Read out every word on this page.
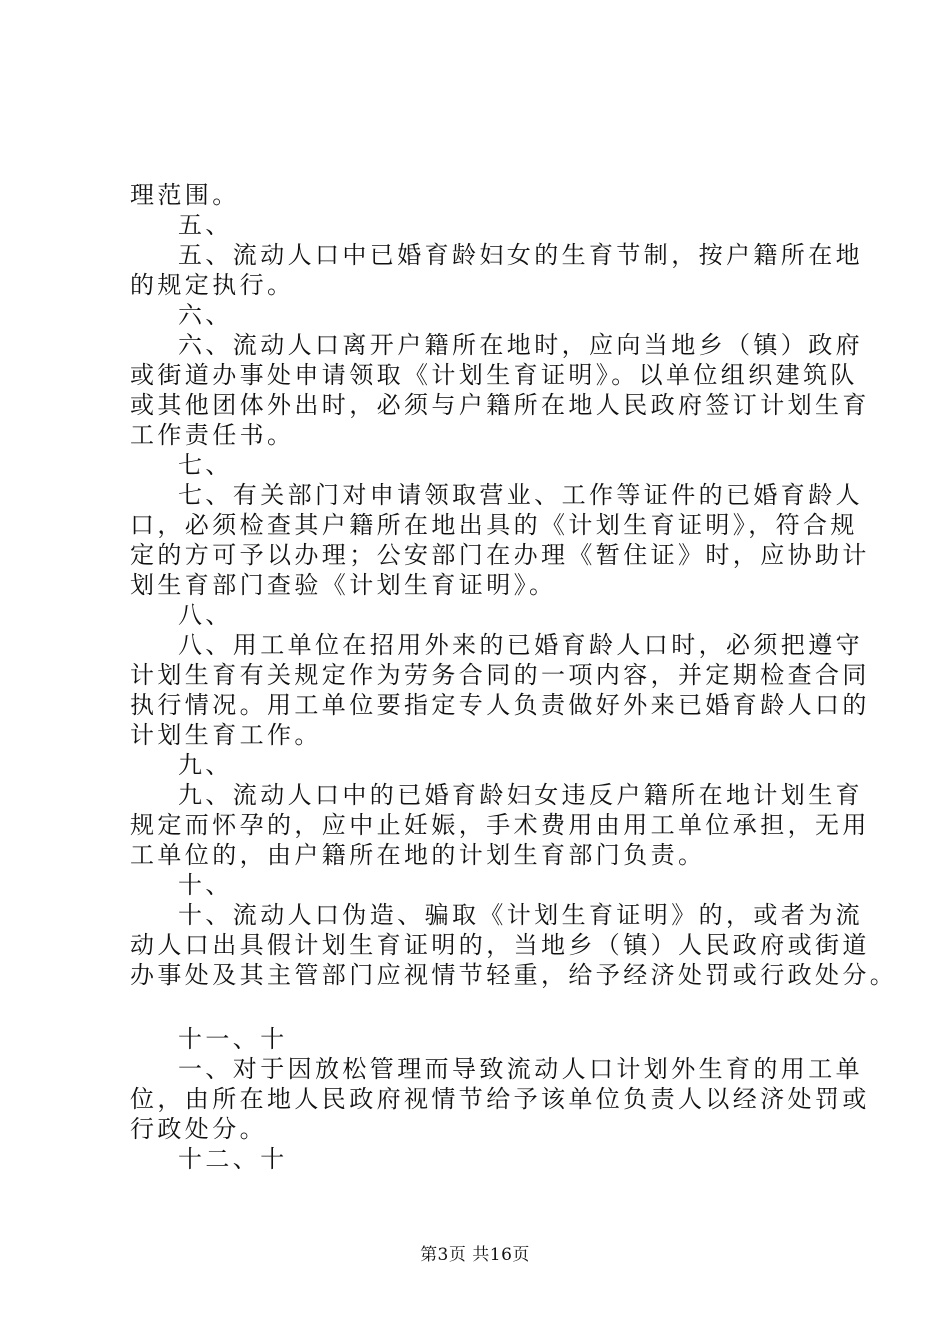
理范围。
五、
五、流动人口中已婚育龄妇女的生育节制，按户籍所在地
的规定执行。
六、
六、流动人口离开户籍所在地时，应向当地乡（镇）政府
或街道办事处申请领取《计划生育证明》。以单位组织建筑队
或其他团体外出时，必须与户籍所在地人民政府签订计划生育
工作责任书。
七、
七、有关部门对申请领取营业、工作等证件的已婚育龄人
口，必须检查其户籍所在地出具的《计划生育证明》，符合规
定的方可予以办理；公安部门在办理《暂住证》时，应协助计
划生育部门查验《计划生育证明》。
八、
八、用工单位在招用外来的已婚育龄人口时，必须把遵守
计划生育有关规定作为劳务合同的一项内容，并定期检查合同
执行情况。用工单位要指定专人负责做好外来已婚育龄人口的
计划生育工作。
九、
九、流动人口中的已婚育龄妇女违反户籍所在地计划生育
规定而怀孕的，应中止妊娠，手术费用由用工单位承担，无用
工单位的，由户籍所在地的计划生育部门负责。
十、
十、流动人口伪造、骗取《计划生育证明》的，或者为流
动人口出具假计划生育证明的，当地乡（镇）人民政府或街道
办事处及其主管部门应视情节轻重，给予经济处罚或行政处分。
十一、十
一、对于因放松管理而导致流动人口计划外生育的用工单
位，由所在地人民政府视情节给予该单位负责人以经济处罚或
行政处分。
十二、十
第3页 共16页
